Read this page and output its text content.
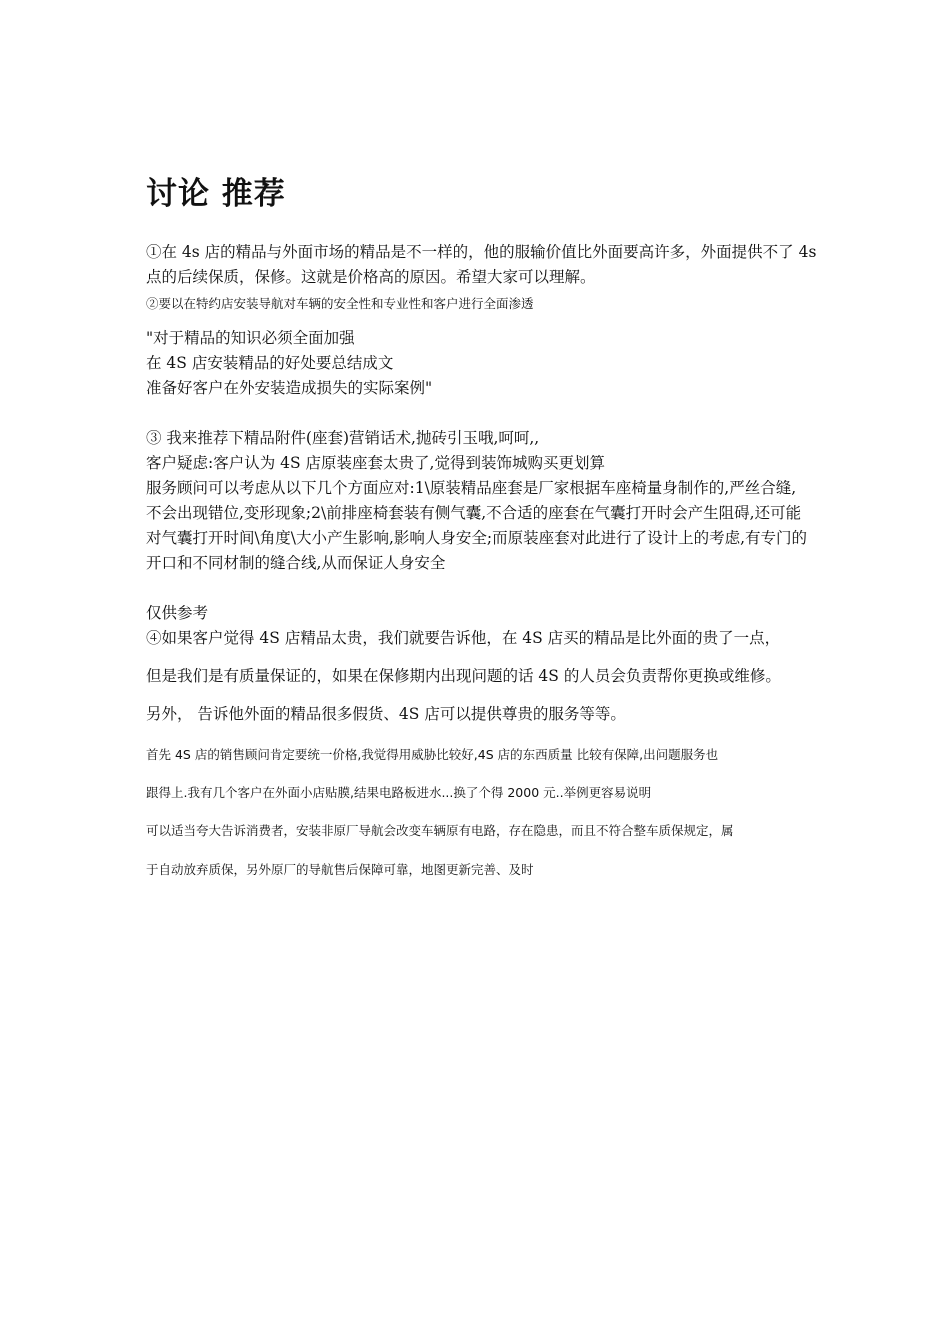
讨论 推荐

①在 4s 店的精品与外面市场的精品是不一样的，他的服输价值比外面要高许多，外面提供不了 4s 点的后续保质，保修。这就是价格高的原因。希望大家可以理解。

②要以在特约店安装导航对车辆的安全性和专业性和客户进行全面渗透

"对于精品的知识必须全面加强
在 4S 店安装精品的好处要总结成文
准备好客户在外安装造成损失的实际案例"
③ 我来推荐下精品附件(座套)营销话术,抛砖引玉哦,呵呵,,
客户疑虑:客户认为 4S 店原装座套太贵了,觉得到装饰城购买更划算
服务顾问可以考虑从以下几个方面应对:1\原装精品座套是厂家根据车座椅量身制作的,严丝合缝,不会出现错位,变形现象;2\前排座椅套装有侧气囊,不合适的座套在气囊打开时会产生阻碍,还可能对气囊打开时间\角度\大小产生影响,影响人身安全;而原装座套对此进行了设计上的考虑,有专门的开口和不同材制的缝合线,从而保证人身安全

仅供参考

④如果客户觉得 4S 店精品太贵，我们就要告诉他，在 4S 店买的精品是比外面的贵了一点，
但是我们是有质量保证的，如果在保修期内出现问题的话 4S 的人员会负责帮你更换或维修。
另外， 告诉他外面的精品很多假货、4S 店可以提供尊贵的服务等等。
首先 4S 店的销售顾问肯定要统一价格,我觉得用威胁比较好,4S 店的东西质量 比较有保障,出问题服务也
跟得上.我有几个客户在外面小店贴膜,结果电路板进水...换了个得 2000 元..举例更容易说明
可以适当夸大告诉消费者，安装非原厂导航会改变车辆原有电路，存在隐患，而且不符合整车质保规定，属
于自动放弃质保，另外原厂的导航售后保障可靠，地图更新完善、及时
